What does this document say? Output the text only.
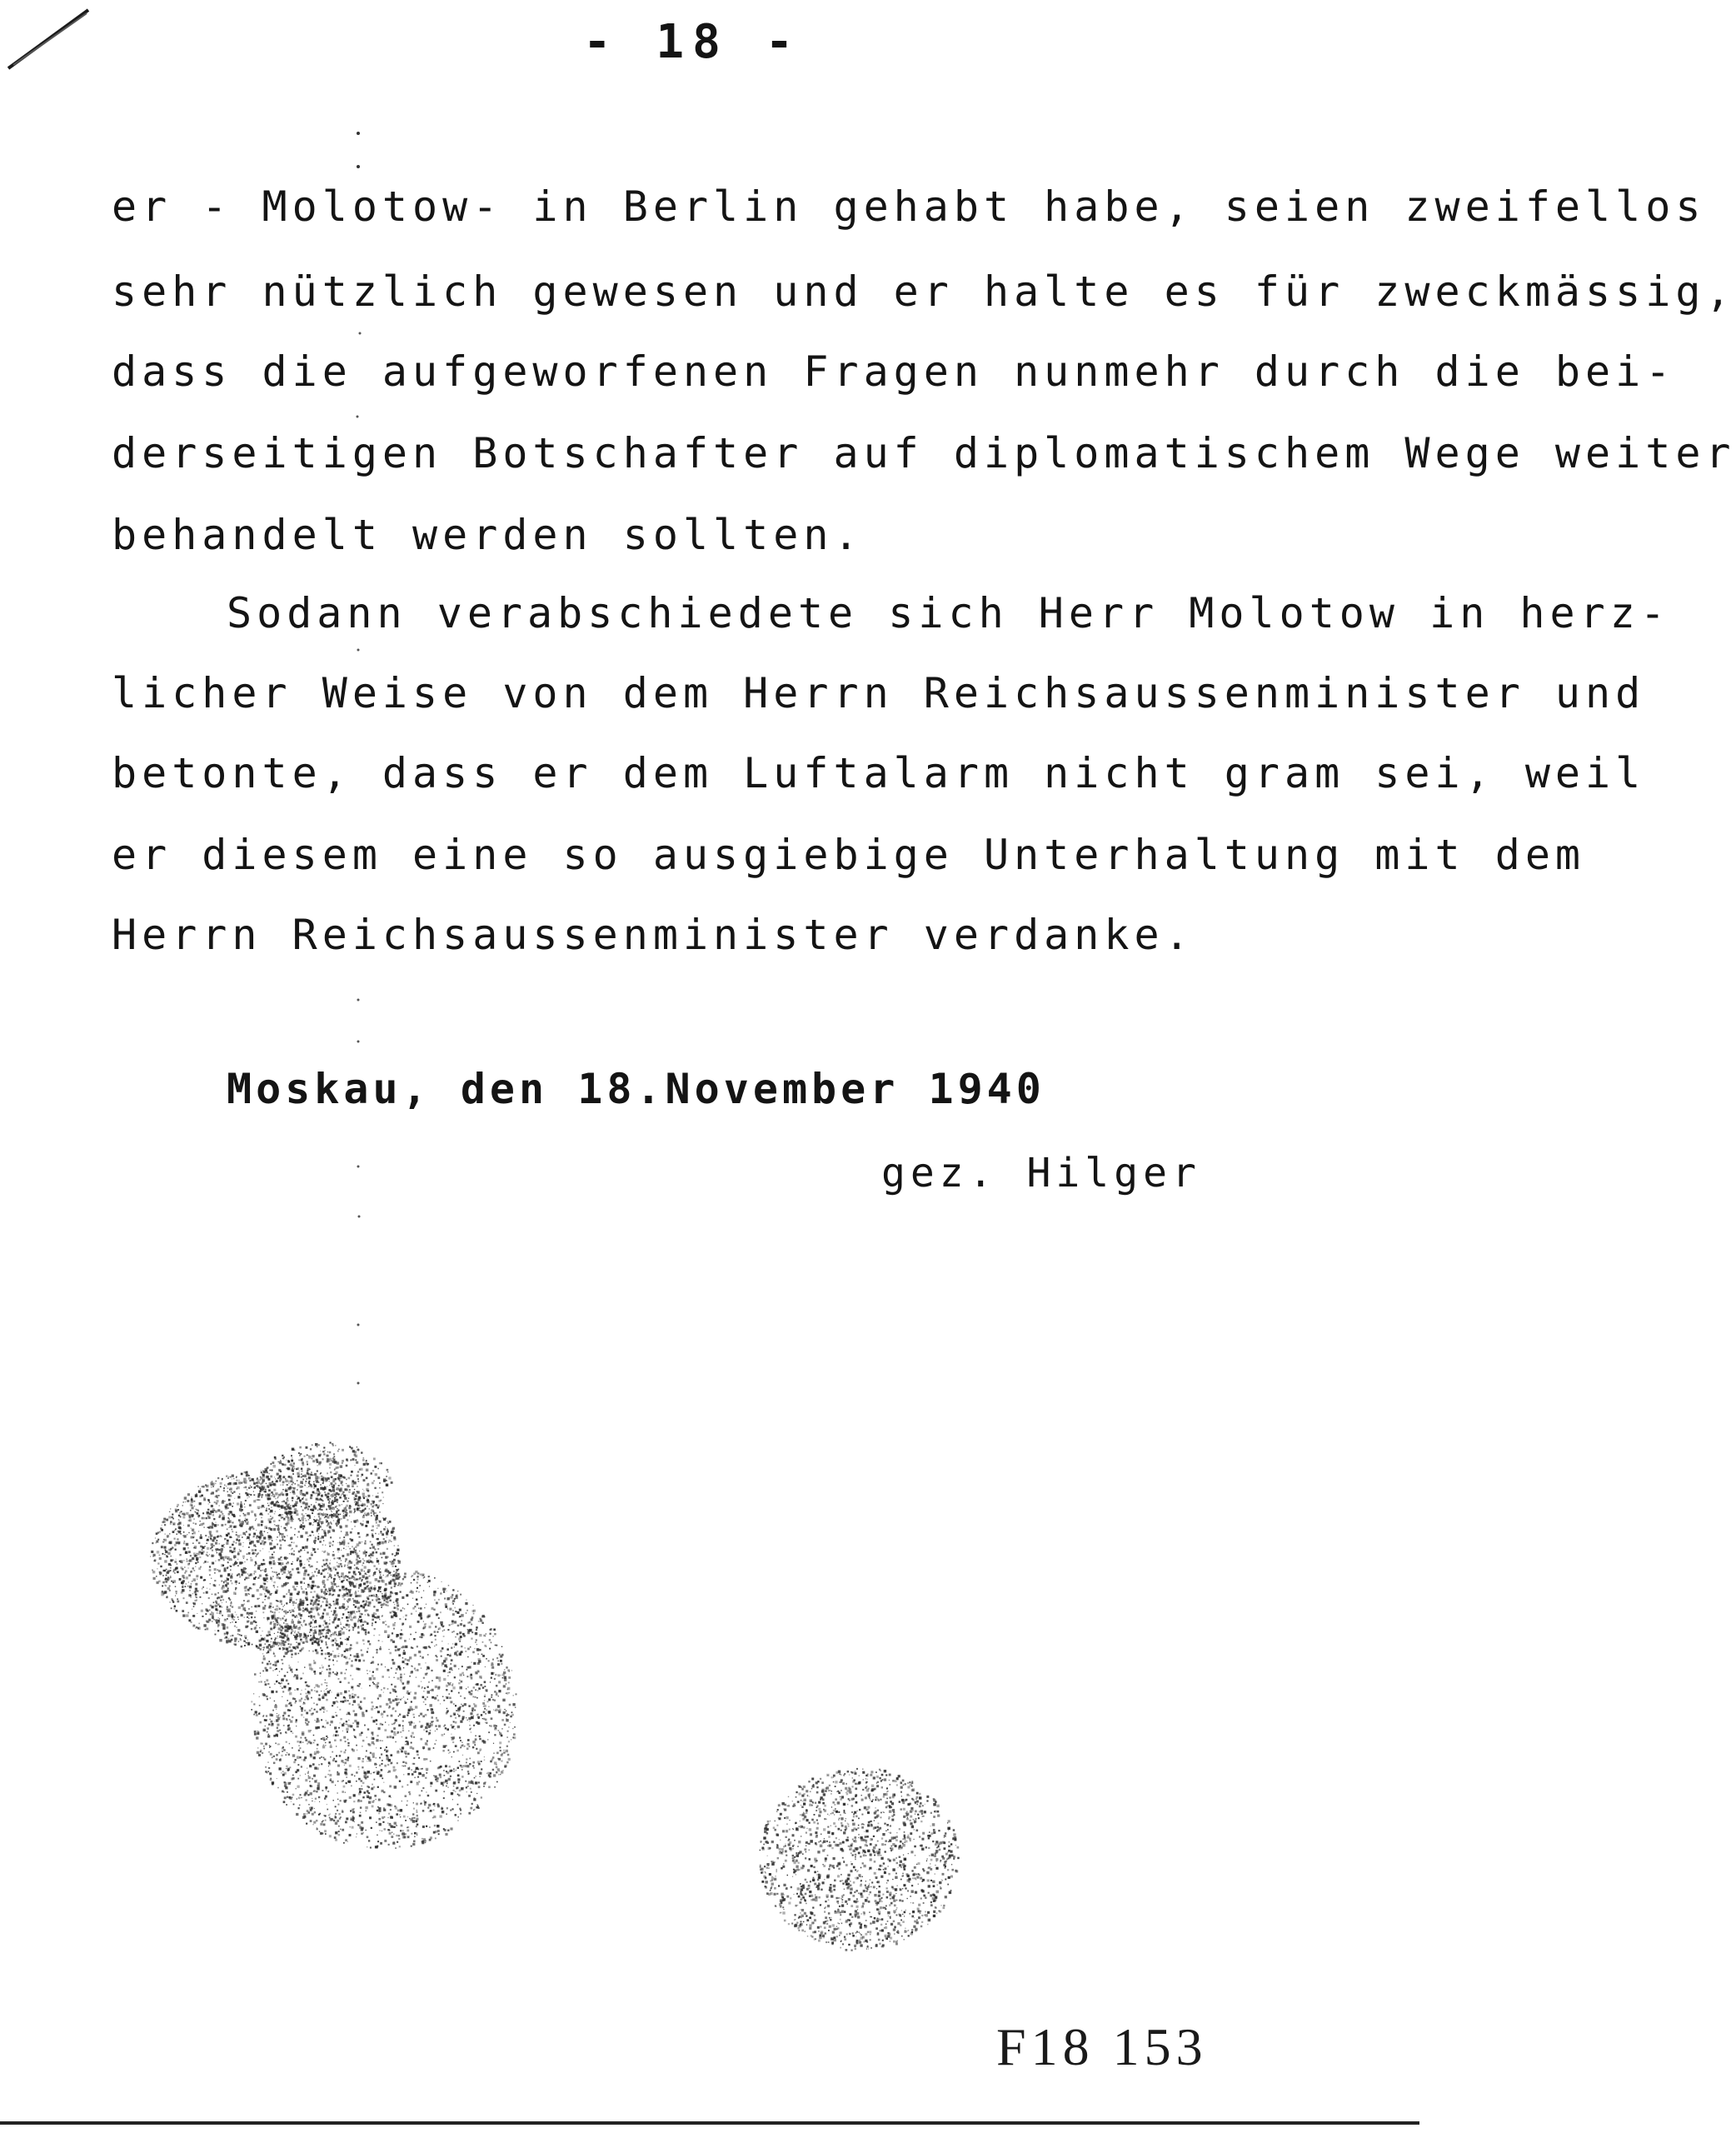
- 18 -
er - Molotow- in Berlin gehabt habe, seien zweifellos
sehr nützlich gewesen und er halte es für zweckmässig,
dass die aufgeworfenen Fragen nunmehr durch die bei-
derseitigen Botschafter auf diplomatischem Wege weiter
behandelt werden sollten.
Sodann verabschiedete sich Herr Molotow in herz-
licher Weise von dem Herrn Reichsaussenminister und
betonte, dass er dem Luftalarm nicht gram sei, weil
er diesem eine so ausgiebige Unterhaltung mit dem
Herrn Reichsaussenminister verdanke.
Moskau, den 18.November 1940
gez. Hilger
F18 153
